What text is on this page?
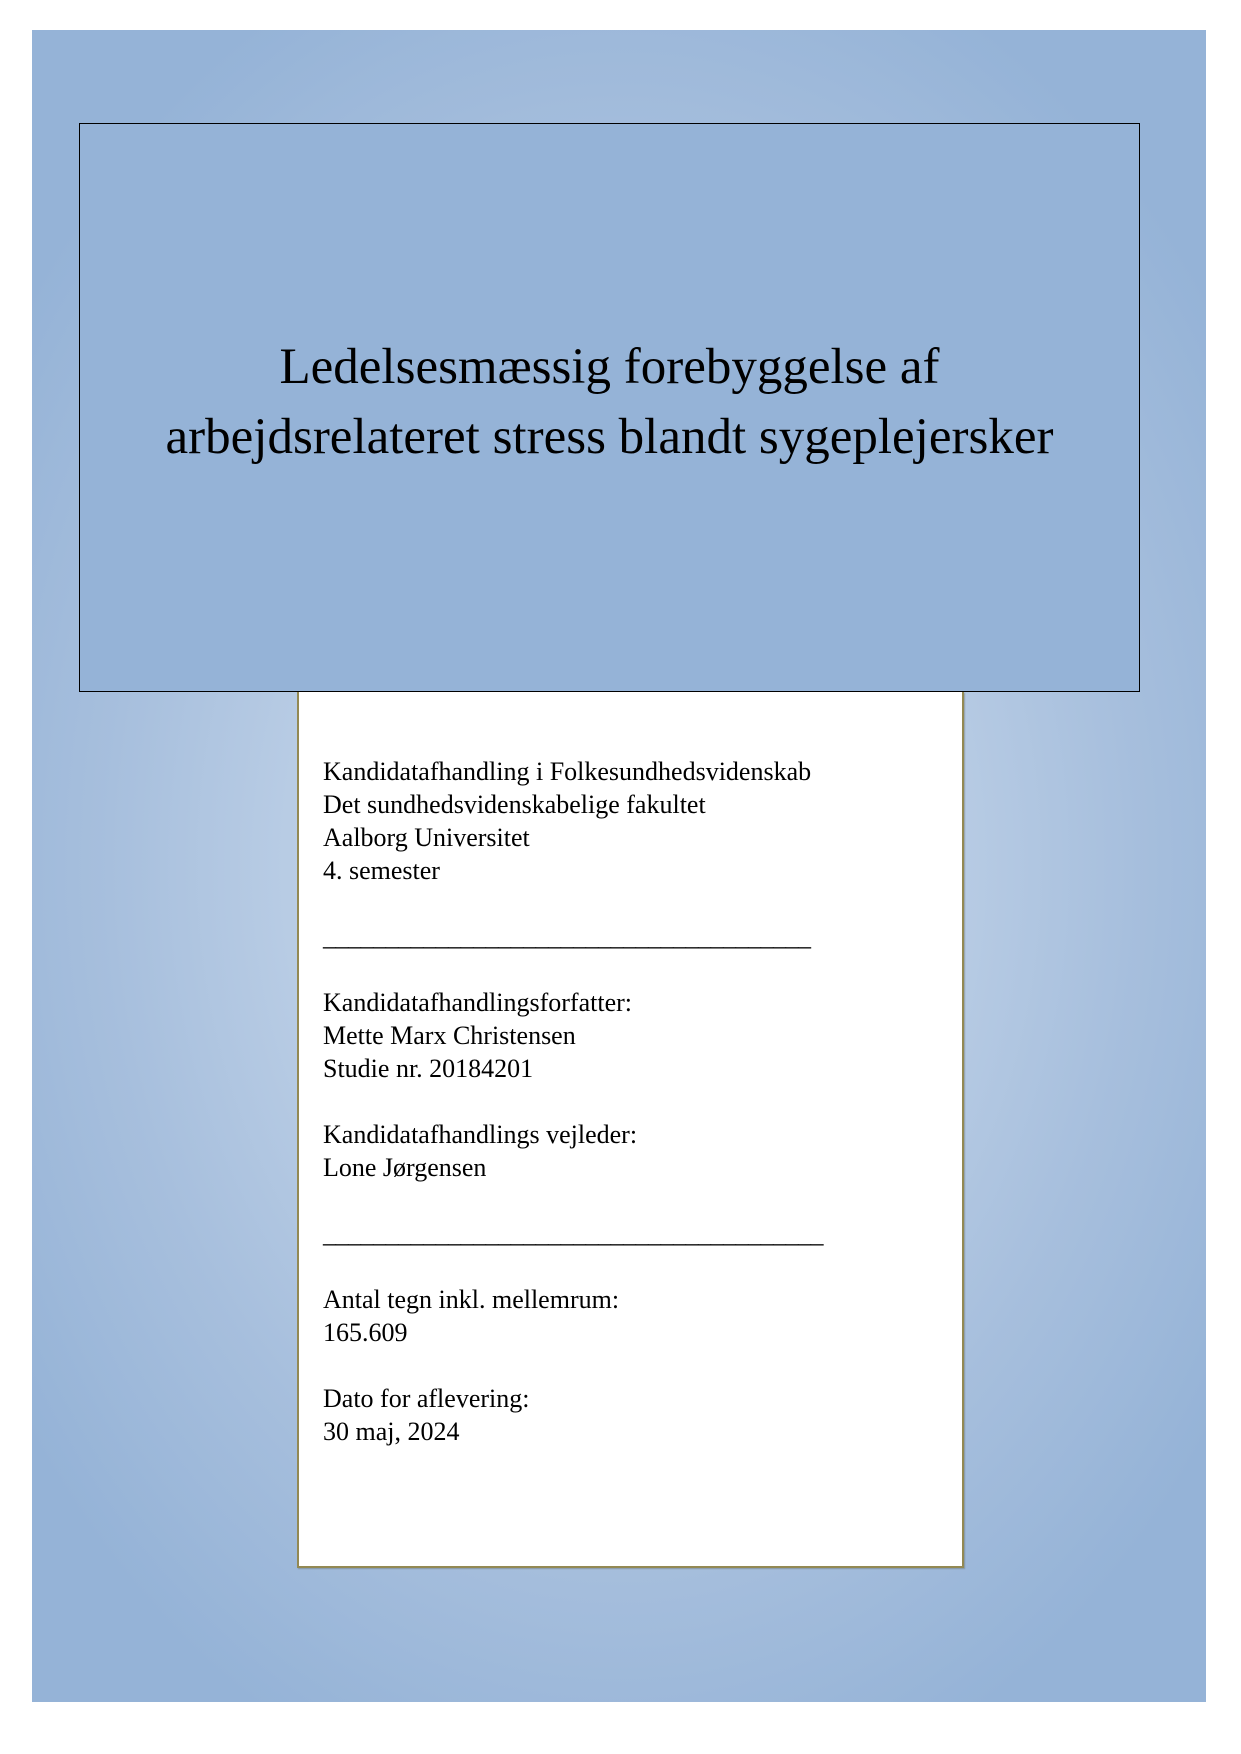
Ledelsesmæssig forebyggelse af
arbejdsrelateret stress blandt sygeplejersker
Kandidatafhandling i Folkesundhedsvidenskab
Det sundhedsvidenskabelige fakultet
Aalborg Universitet
4. semester
_______________________________________
Kandidatafhandlingsforfatter:
Mette Marx Christensen
Studie nr. 20184201
Kandidatafhandlings vejleder:
Lone Jørgensen
________________________________________
Antal tegn inkl. mellemrum:
165.609
Dato for aflevering:
30 maj, 2024
